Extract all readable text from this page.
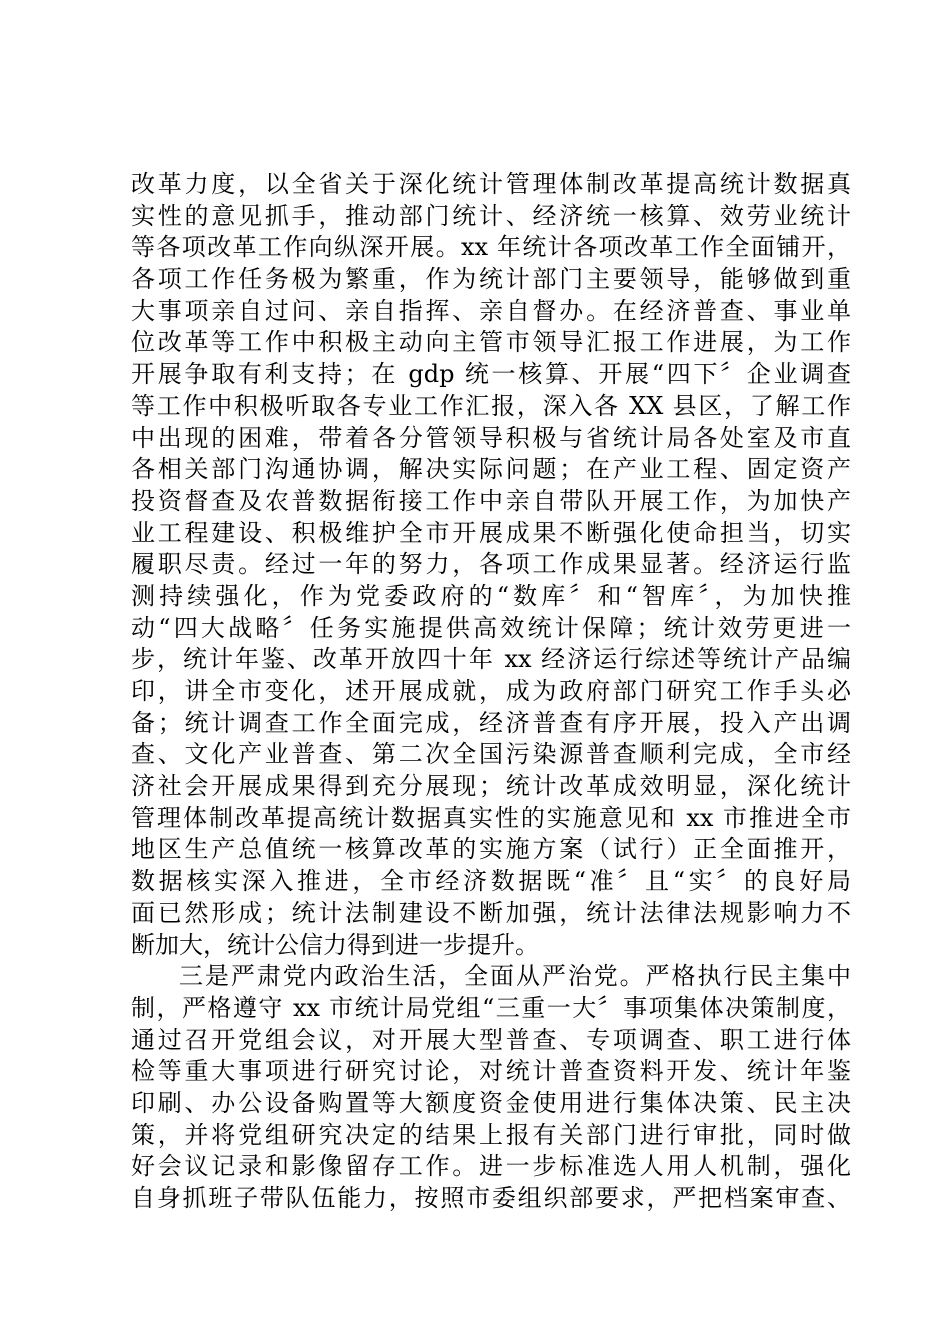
改革力度，以全省关于深化统计管理体制改革提高统计数据真
实性的意见抓手，推动部门统计、经济统一核算、效劳业统计
等各项改革工作向纵深开展。xx 年统计各项改革工作全面铺开，
各项工作任务极为繁重，作为统计部门主要领导，能够做到重
大事项亲自过问、亲自指挥、亲自督办。在经济普查、事业单
位改革等工作中积极主动向主管市领导汇报工作进展，为工作
开展争取有利支持；在 gdp 统一核算、开展“四下〞企业调查
等工作中积极听取各专业工作汇报，深入各 XX 县区，了解工作
中出现的困难，带着各分管领导积极与省统计局各处室及市直
各相关部门沟通协调，解决实际问题；在产业工程、固定资产
投资督查及农普数据衔接工作中亲自带队开展工作，为加快产
业工程建设、积极维护全市开展成果不断强化使命担当，切实
履职尽责。经过一年的努力，各项工作成果显著。经济运行监
测持续强化，作为党委政府的“数库〞和“智库〞，为加快推
动“四大战略〞任务实施提供高效统计保障；统计效劳更进一
步，统计年鉴、改革开放四十年 xx 经济运行综述等统计产品编
印，讲全市变化，述开展成就，成为政府部门研究工作手头必
备；统计调查工作全面完成，经济普查有序开展，投入产出调
查、文化产业普查、第二次全国污染源普查顺利完成，全市经
济社会开展成果得到充分展现；统计改革成效明显，深化统计
管理体制改革提高统计数据真实性的实施意见和 xx 市推进全市
地区生产总值统一核算改革的实施方案（试行）正全面推开，
数据核实深入推进，全市经济数据既“准〞且“实〞的良好局
面已然形成；统计法制建设不断加强，统计法律法规影响力不
断加大，统计公信力得到进一步提升。
三是严肃党内政治生活，全面从严治党。严格执行民主集中
制，严格遵守 xx 市统计局党组“三重一大〞事项集体决策制度，
通过召开党组会议，对开展大型普查、专项调查、职工进行体
检等重大事项进行研究讨论，对统计普查资料开发、统计年鉴
印刷、办公设备购置等大额度资金使用进行集体决策、民主决
策，并将党组研究决定的结果上报有关部门进行审批，同时做
好会议记录和影像留存工作。进一步标准选人用人机制，强化
自身抓班子带队伍能力，按照市委组织部要求，严把档案审查、
